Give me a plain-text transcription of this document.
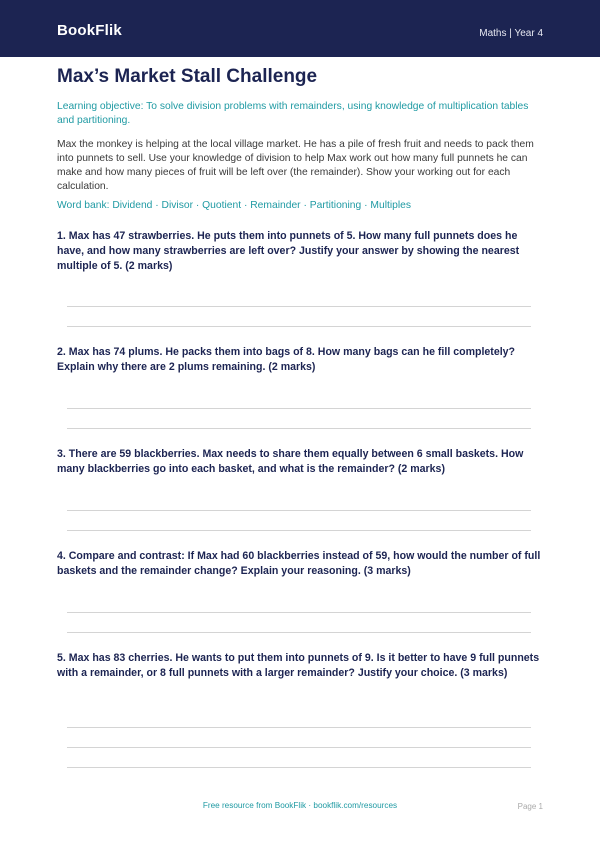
BookFlik	Maths | Year 4
Max’s Market Stall Challenge
Learning objective: To solve division problems with remainders, using knowledge of multiplication tables and partitioning.
Max the monkey is helping at the local village market. He has a pile of fresh fruit and needs to pack them into punnets to sell. Use your knowledge of division to help Max work out how many full punnets he can make and how many pieces of fruit will be left over (the remainder). Show your working out for each calculation.
Word bank: Dividend · Divisor · Quotient · Remainder · Partitioning · Multiples
1. Max has 47 strawberries. He puts them into punnets of 5. How many full punnets does he have, and how many strawberries are left over? Justify your answer by showing the nearest multiple of 5. (2 marks)
2. Max has 74 plums. He packs them into bags of 8. How many bags can he fill completely? Explain why there are 2 plums remaining. (2 marks)
3. There are 59 blackberries. Max needs to share them equally between 6 small baskets. How many blackberries go into each basket, and what is the remainder? (2 marks)
4. Compare and contrast: If Max had 60 blackberries instead of 59, how would the number of full baskets and the remainder change? Explain your reasoning. (3 marks)
5. Max has 83 cherries. He wants to put them into punnets of 9. Is it better to have 9 full punnets with a remainder, or 8 full punnets with a larger remainder? Justify your choice. (3 marks)
Free resource from BookFlik · bookflik.com/resources	Page 1
